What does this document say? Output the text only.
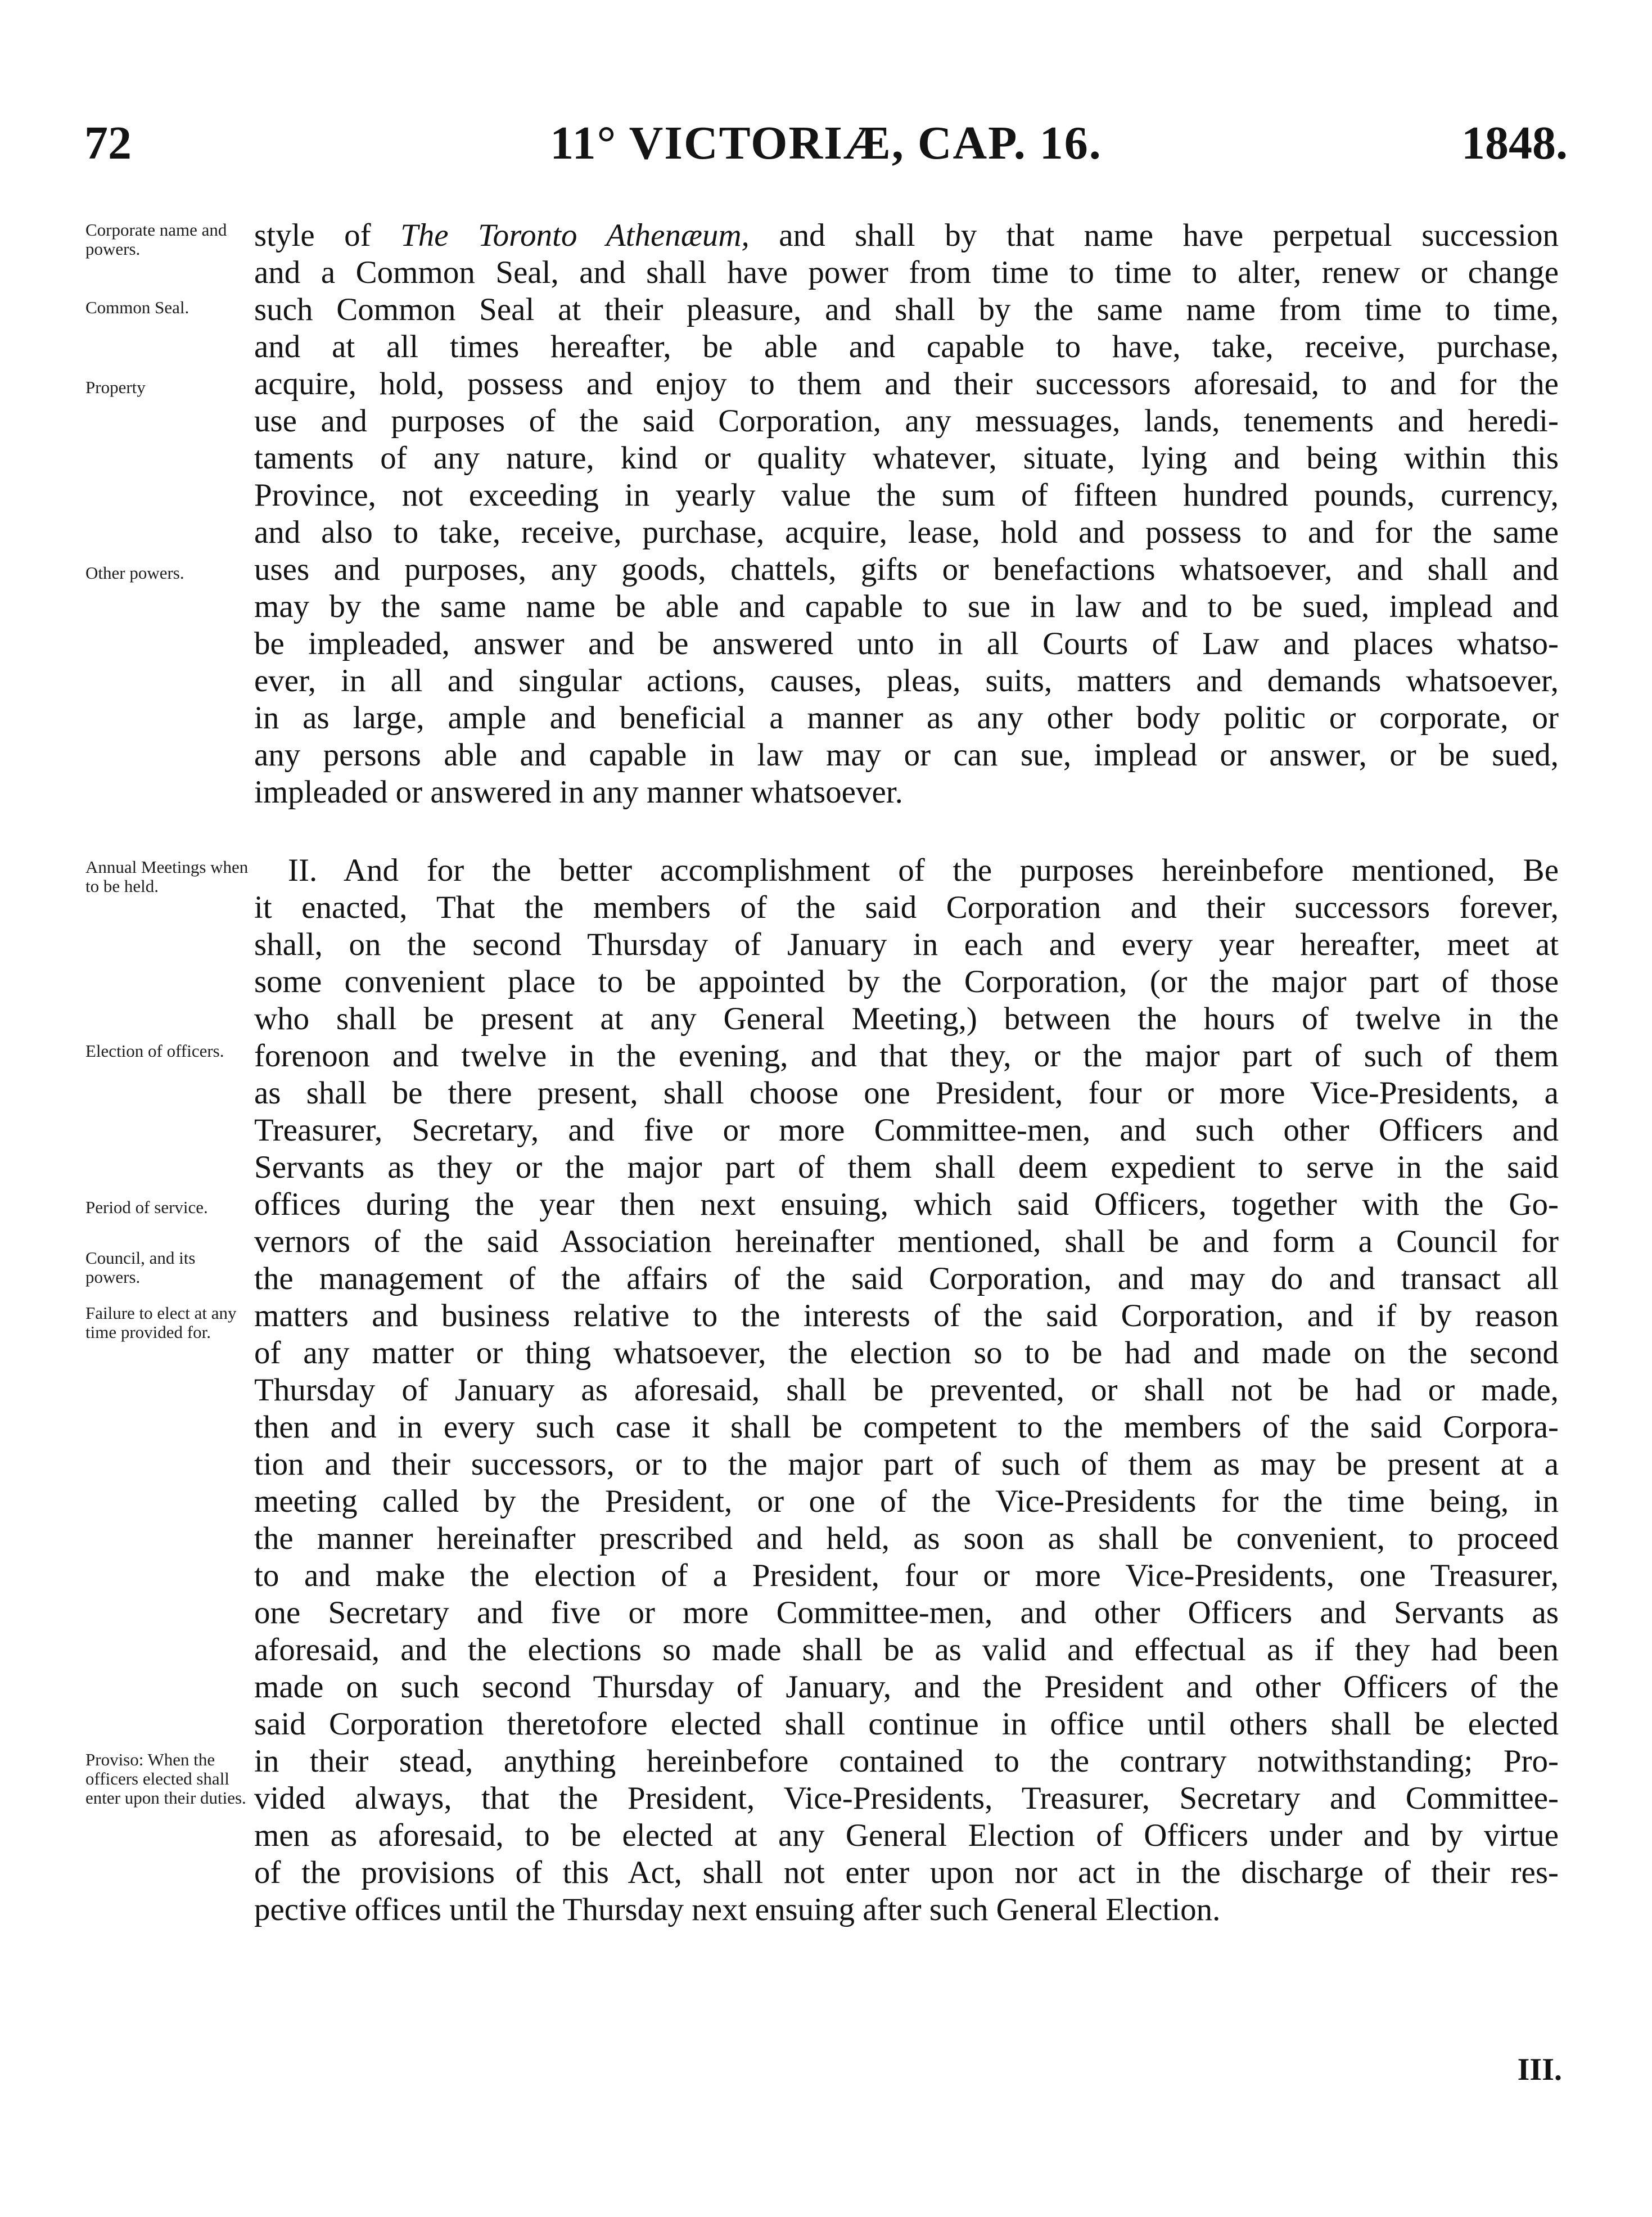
72	11° VICTORIÆ, CAP. 16.	1848.
Corporate name and powers.
Common Seal.
Property
Other powers.
Annual Meetings when to be held.
Election of officers.
Period of service.
Council, and its powers.
Failure to elect at any time provided for.
Proviso: When the officers elected shall enter upon their duties.
style of The Toronto Athenæum, and shall by that name have perpetual succession
and a Common Seal, and shall have power from time to time to alter, renew or change
such Common Seal at their pleasure, and shall by the same name from time to time,
and at all times hereafter, be able and capable to have, take, receive, purchase,
acquire, hold, possess and enjoy to them and their successors aforesaid, to and for the
use and purposes of the said Corporation, any messuages, lands, tenements and heredi-
taments of any nature, kind or quality whatever, situate, lying and being within this
Province, not exceeding in yearly value the sum of fifteen hundred pounds, currency,
and also to take, receive, purchase, acquire, lease, hold and possess to and for the same
uses and purposes, any goods, chattels, gifts or benefactions whatsoever, and shall and
may by the same name be able and capable to sue in law and to be sued, implead and
be impleaded, answer and be answered unto in all Courts of Law and places whatso-
ever, in all and singular actions, causes, pleas, suits, matters and demands whatsoever,
in as large, ample and beneficial a manner as any other body politic or corporate, or
any persons able and capable in law may or can sue, implead or answer, or be sued,
impleaded or answered in any manner whatsoever.
II. And for the better accomplishment of the purposes hereinbefore mentioned, Be
it enacted, That the members of the said Corporation and their successors forever,
shall, on the second Thursday of January in each and every year hereafter, meet at
some convenient place to be appointed by the Corporation, (or the major part of those
who shall be present at any General Meeting,) between the hours of twelve in the
forenoon and twelve in the evening, and that they, or the major part of such of them
as shall be there present, shall choose one President, four or more Vice-Presidents, a
Treasurer, Secretary, and five or more Committee-men, and such other Officers and
Servants as they or the major part of them shall deem expedient to serve in the said
offices during the year then next ensuing, which said Officers, together with the Go-
vernors of the said Association hereinafter mentioned, shall be and form a Council for
the management of the affairs of the said Corporation, and may do and transact all
matters and business relative to the interests of the said Corporation, and if by reason
of any matter or thing whatsoever, the election so to be had and made on the second
Thursday of January as aforesaid, shall be prevented, or shall not be had or made,
then and in every such case it shall be competent to the members of the said Corpora-
tion and their successors, or to the major part of such of them as may be present at a
meeting called by the President, or one of the Vice-Presidents for the time being, in
the manner hereinafter prescribed and held, as soon as shall be convenient, to proceed
to and make the election of a President, four or more Vice-Presidents, one Treasurer,
one Secretary and five or more Committee-men, and other Officers and Servants as
aforesaid, and the elections so made shall be as valid and effectual as if they had been
made on such second Thursday of January, and the President and other Officers of the
said Corporation theretofore elected shall continue in office until others shall be elected
in their stead, anything hereinbefore contained to the contrary notwithstanding; Pro-
vided always, that the President, Vice-Presidents, Treasurer, Secretary and Committee-
men as aforesaid, to be elected at any General Election of Officers under and by virtue
of the provisions of this Act, shall not enter upon nor act in the discharge of their res-
pective offices until the Thursday next ensuing after such General Election.
III.
